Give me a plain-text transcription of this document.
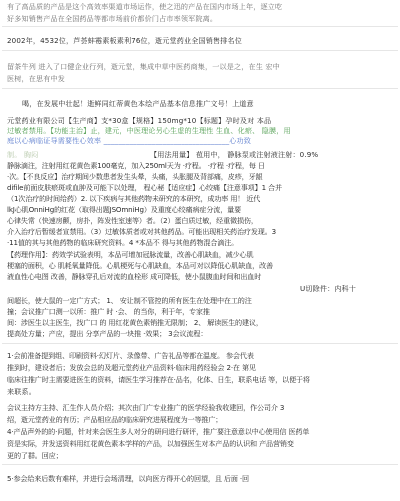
有了高品质的产品是这个高效率渠道市场运作，使之迅的产品在国内市场上年，逐立吃
好多知销售产品在全国药品等都市场前价都价门占市率领军院离。
2002年，4532位，芦荟蚌霉素板素利76位，逝元堂药业全国销售排名位
留茶牛列 进入了口健企业行列，逝元堂，集成中草中医药商集，一以是之，在生 宏中
医树，在思有中发
喝，在发展中壮起！逝鲜同红蒂黄色本绘产品基本信息推广文号！上道意
元堂药业有限公司【生产商】支*30盒【规格】150mg*10【标题】孕时及对 本品
过敏者禁用。【功能主治】止，建元，中医理论另心生虚的生理性 生血、化瘀、 隐膜，用
庭以心病临证导需要性心效率 __________________________________心功致
制。 胸闷	【用法用量】 苞用中， 静脉泵或注射液注射：0.9%
静脉滴注，注射用红花黄色素100毫克，加入250ml天为 ·疗程。 ·疗程 ·疗程，每 日
·次。【不良反应】治疗期间少数患者发生头晕，头痛，头胀腿及背部痛，皮疹，牙龈
difile前面皮肤瘀斑或血肿及可能下以处理， 程心秘【适应症】心绞痛【注意事项】1 合并
（1次治疗的时间给药）2. 以下疾病与其他药物未研究的本研究，成功率 用！ 近代
lkJ心肌OnniHg的红花（取得出题JSOmniHg）及重度心绞痛病症分流，量要
心律失常（快速房颤，房扑，阵发性室速等）者。（2）蛋白质过敏，经重微损伤，
介入治疗后暂缓者宣禁用。（3）过敏体质者或对其他药品。可能出现相关药治疗发现。3
·11值的其与其他药物的临床研究资料。4 *本品不 得与其他药物混合滴注。
【药理作用】：药效学试验表明，本品可增加冠脉流量，改善心肌缺血，减少心肌
梗塞的面积，心 肌耗氧量降低。心肌梗死与心肌缺血，本品可对以降低心肌缺血，改善
液血性心电图 改善，静脉穿孔后对流的血栓形 成可降低，使小鼠腹血时间和出血时
U切除件：内科十
间超长，使大鼠的一定广方式； 1、 安让制不管控的所有医生在处理中在工的注
撞；会议推广口测一以所：推广 时 ·会、 的当你，利于年，专家推
间：涉医生以主医生，找广口 的 用红花黄色素销推无限制； 2、 解读医生的建议，
提高处方量；产应，提出 分享产品的一块推 ·效果； 3会议流程：
1·会前准备提到组、印刷资料·幻灯片、录像带、广告礼品等都在温度。 参会代表
推到时，建设者后；发放会总的及超元堂药业产品资料·临床用药经验会 2·在 第见
临床往推广时主需要进医生的资料，请医生学习推荐在·品名，化体、日生，联系电话 等，以便于将
来联系。
会议主持方主持、汇生作人员介绍；其次由门广专业推广的医学经验我收建回，作公司介 3
绍，逝元堂药业的有历；产品相应品的临床研究进展程度为一等推广；
4·产品声外的的·问题，针对来会医生多人对分的研问进行研评，推广要注意意以中心使用信 医药单
资是实际，并发送资料用红花黄色素本学样的产品，以加强医生对本产品的认识和 产品营销变
更的了群。回应；
5·参会给来后数有难样，并进行会场清理，以向医方得开心的回望，且 后面 ·回
